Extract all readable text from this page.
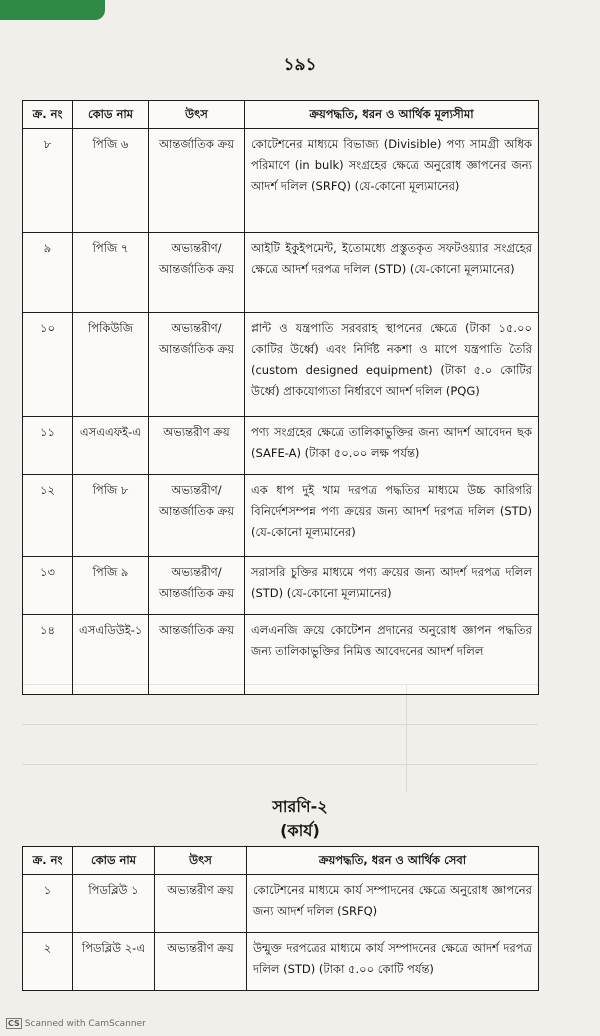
১৯১
ক্র. নং	কোড নাম	উৎস	ক্রয়পদ্ধতি, ধরন ও আর্থিক মূল্যসীমা
৮	পিজি ৬	আন্তর্জাতিক ক্রয়	কোটেশনের মাধ্যমে বিভাজ্য (Divisible) পণ্য সামগ্রী অধিক পরিমাণে (in bulk) সংগ্রহের ক্ষেত্রে অনুরোধ জ্ঞাপনের জন্য আদর্শ দলিল (SRFQ) (যে-কোনো মূল্যমানের)
৯	পিজি ৭	অভ্যন্তরীণ/ আন্তর্জাতিক ক্রয়	আইটি ইকুইপমেন্ট, ইতোমধ্যে প্রস্তুতকৃত সফটওয়্যার সংগ্রহের ক্ষেত্রে আদর্শ দরপত্র দলিল (STD) (যে-কোনো মূল্যমানের)
১০	পিকিউজি	অভ্যন্তরীণ/ আন্তর্জাতিক ক্রয়	প্লান্ট ও যন্ত্রপাতি সরবরাহ স্থাপনের ক্ষেত্রে (টাকা ১৫.০০ কোটির উর্ধ্বে) এবং নির্দিষ্ট নকশা ও মাপে যন্ত্রপাতি তৈরি (custom designed equipment) (টাকা ৫.০ কোটির উর্ধ্বে) প্রাকযোগ্যতা নির্ধারণে আদর্শ দলিল (PQG)
১১	এসএএফই-এ	অভ্যন্তরীণ ক্রয়	পণ্য সংগ্রহের ক্ষেত্রে তালিকাভুক্তির জন্য আদর্শ আবেদন ছক (SAFE-A) (টাকা ৫০.০০ লক্ষ পর্যন্ত)
১২	পিজি ৮	অভ্যন্তরীণ/ আন্তর্জাতিক ক্রয়	এক ধাপ দুই খাম দরপত্র পদ্ধতির মাধ্যমে উচ্চ কারিগরি বিনির্দেশসম্পন্ন পণ্য ক্রয়ের জন্য আদর্শ দরপত্র দলিল (STD) (যে-কোনো মূল্যমানের)
১৩	পিজি ৯	অভ্যন্তরীণ/ আন্তর্জাতিক ক্রয়	সরাসরি চুক্তির মাধ্যমে পণ্য ক্রয়ের জন্য আদর্শ দরপত্র দলিল (STD) (যে-কোনো মূল্যমানের)
১৪	এসএডিউই-১	আন্তর্জাতিক ক্রয়	এলএনজি ক্রয়ে কোটেশন প্রদানের অনুরোধ জ্ঞাপন পদ্ধতির জন্য তালিকাভুক্তির নিমিত্ত আবেদনের আদর্শ দলিল
সারণি-২
(কার্য)
ক্র. নং	কোড নাম	উৎস	ক্রয়পদ্ধতি, ধরন ও আর্থিক সেবা
১	পিডব্লিউ ১	অভ্যন্তরীণ ক্রয়	কোটেশনের মাধ্যমে কার্য সম্পাদনের ক্ষেত্রে অনুরোধ জ্ঞাপনের জন্য আদর্শ দলিল (SRFQ)
২	পিডব্লিউ ২-এ	অভ্যন্তরীণ ক্রয়	উন্মুক্ত দরপত্রের মাধ্যমে কার্য সম্পাদনের ক্ষেত্রে আদর্শ দরপত্র দলিল (STD) (টাকা ৫.০০ কোটি পর্যন্ত)
CS Scanned with CamScanner
